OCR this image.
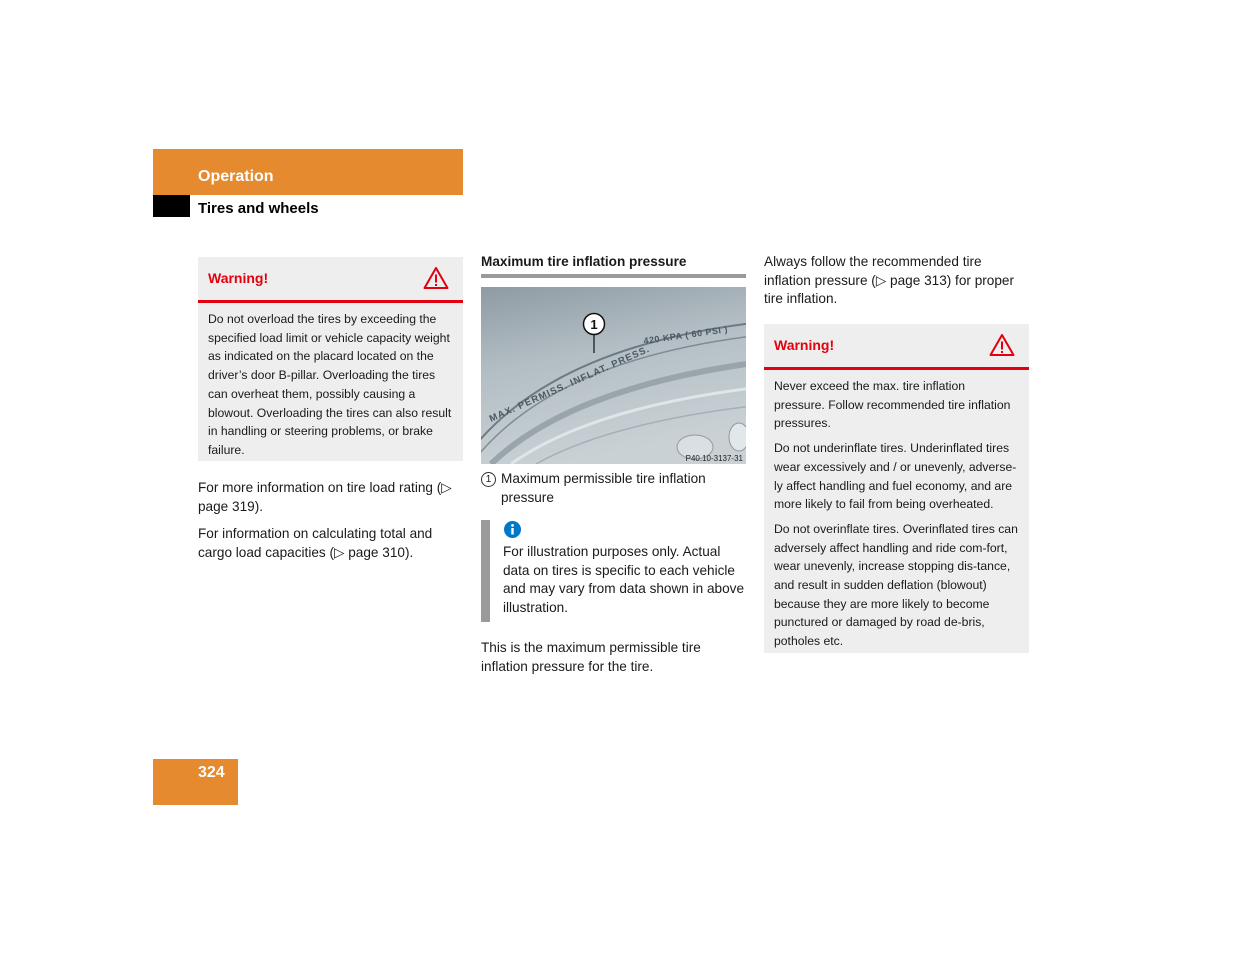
Operation
Tires and wheels
Warning!

Do not overload the tires by exceeding the specified load limit or vehicle capacity weight as indicated on the placard located on the driver’s door B-pillar. Overloading the tires can overheat them, possibly causing a blowout. Overloading the tires can also result in handling or steering problems, or brake failure.

For more information on tire load rating (▷ page 319).

For information on calculating total and cargo load capacities (▷ page 310).

Maximum tire inflation pressure
MAX. PERMISS. INFLAT. PRESS.
420 KPA ( 60 PSI )
1
P40.10-3137-31
1 Maximum permissible tire inflation pressure
For illustration purposes only. Actual data on tires is specific to each vehicle and may vary from data shown in above illustration.
This is the maximum permissible tire inflation pressure for the tire.
Always follow the recommended tire inflation pressure (▷ page 313) for proper tire inflation.
Warning!

Never exceed the max. tire inflation pressure. Follow recommended tire inflation pressures.

Do not underinflate tires. Underinflated tires wear excessively and / or unevenly, adverse-ly affect handling and fuel economy, and are more likely to fail from being overheated.

Do not overinflate tires. Overinflated tires can adversely affect handling and ride com-fort, wear unevenly, increase stopping dis-tance, and result in sudden deflation (blowout) because they are more likely to become punctured or damaged by road de-bris, potholes etc.

324
